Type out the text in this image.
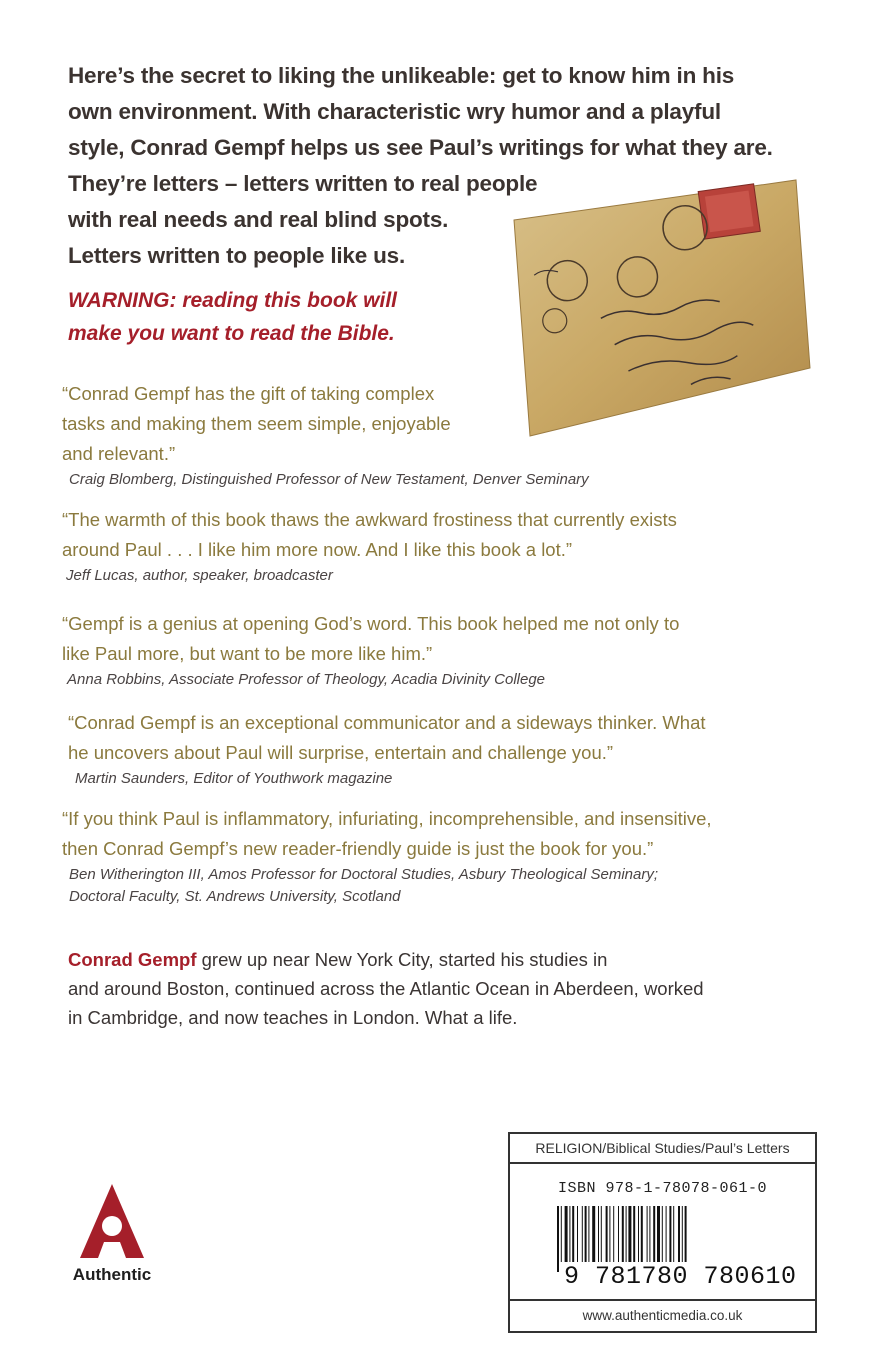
Here’s the secret to liking the unlikeable: get to know him in his
own environment. With characteristic wry humor and a playful
style, Conrad Gempf helps us see Paul’s writings for what they are.
They’re letters – letters written to real people
with real needs and real blind spots.
Letters written to people like us.
WARNING: reading this book will
make you want to read the Bible.
“Conrad Gempf has the gift of taking complex
tasks and making them seem simple, enjoyable
and relevant.”
Craig Blomberg, Distinguished Professor of New Testament, Denver Seminary
“The warmth of this book thaws the awkward frostiness that currently exists
around Paul . . . I like him more now. And I like this book a lot.”
Jeff Lucas, author, speaker, broadcaster
“Gempf is a genius at opening God’s word. This book helped me not only to
like Paul more, but want to be more like him.”
Anna Robbins, Associate Professor of Theology, Acadia Divinity College
“Conrad Gempf is an exceptional communicator and a sideways thinker. What
he uncovers about Paul will surprise, entertain and challenge you.”
Martin Saunders, Editor of Youthwork magazine
“If you think Paul is inflammatory, infuriating, incomprehensible, and insensitive,
then Conrad Gempf’s new reader-friendly guide is just the book for you.”
Ben Witherington III, Amos Professor for Doctoral Studies, Asbury Theological Seminary;
Doctoral Faculty, St. Andrews University, Scotland
Conrad Gempf grew up near New York City, started his studies in
and around Boston, continued across the Atlantic Ocean in Aberdeen, worked
in Cambridge, and now teaches in London. What a life.
Authentic
RELIGION/Biblical Studies/Paul’s Letters
ISBN 978-1-78078-061-0
9 781780 780610
www.authenticmedia.co.uk
